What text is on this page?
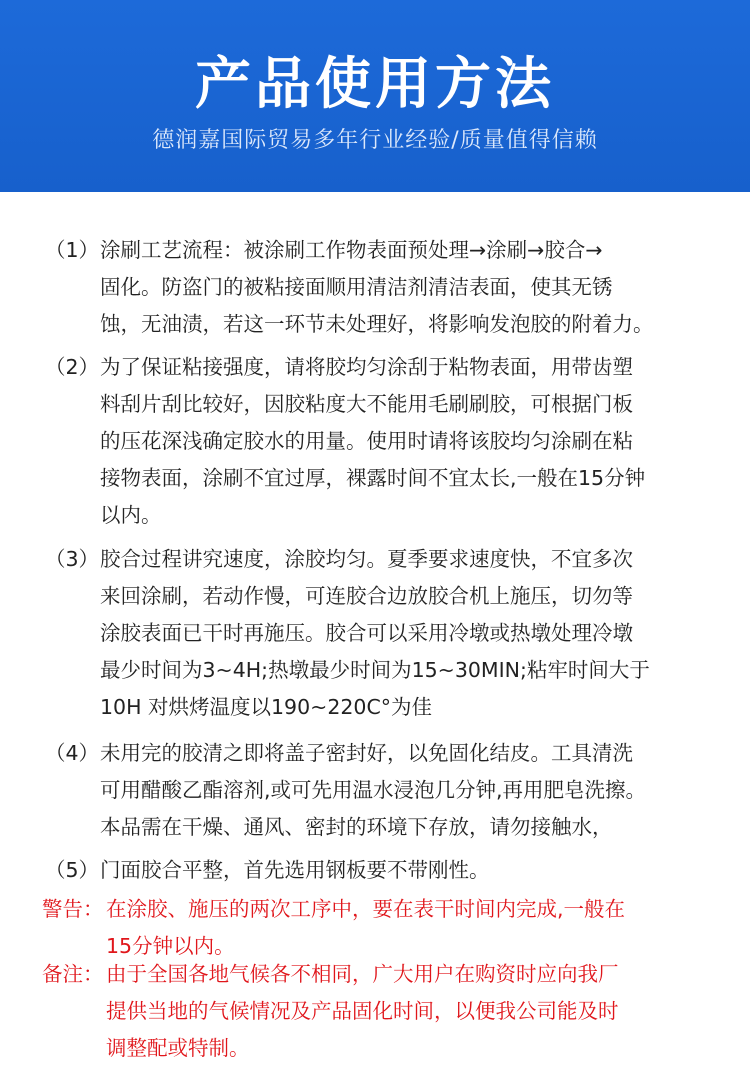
产品使用方法
德润嘉国际贸易多年行业经验/质量值得信赖
（1） 涂刷工艺流程：被涂刷工作物表面预处理→涂刷→胶合→
固化。防盗门的被粘接面顺用清洁剂清洁表面，使其无锈
蚀，无油渍，若这一环节未处理好，将影响发泡胶的附着力。
（2） 为了保证粘接强度，请将胶均匀涂刮于粘物表面，用带齿塑
料刮片刮比较好，因胶粘度大不能用毛刷刷胶，可根据门板
的压花深浅确定胶水的用量。使用时请将该胶均匀涂刷在粘
接物表面，涂刷不宜过厚，裸露时间不宜太长,一般在15分钟
以内。
（3） 胶合过程讲究速度，涂胶均匀。夏季要求速度快，不宜多次
来回涂刷，若动作慢，可连胶合边放胶合机上施压，切勿等
涂胶表面已干时再施压。胶合可以采用冷墩或热墩处理冷墩
最少时间为3~4H;热墩最少时间为15~30MIN;粘牢时间大于
10H 对烘烤温度以190~220C°为佳
（4） 未用完的胶清之即将盖子密封好，以免固化结皮。工具清洗
可用醋酸乙酯溶剂,或可先用温水浸泡几分钟,再用肥皂洗擦。
本品需在干燥、通风、密封的环境下存放，请勿接触水，
（5） 门面胶合平整，首先选用钢板要不带刚性。
警告： 在涂胶、施压的两次工序中，要在表干时间内完成,一般在
15分钟以内。
备注： 由于全国各地气候各不相同，广大用户在购资时应向我厂
提供当地的气候情况及产品固化时间，以便我公司能及时
调整配或特制。
